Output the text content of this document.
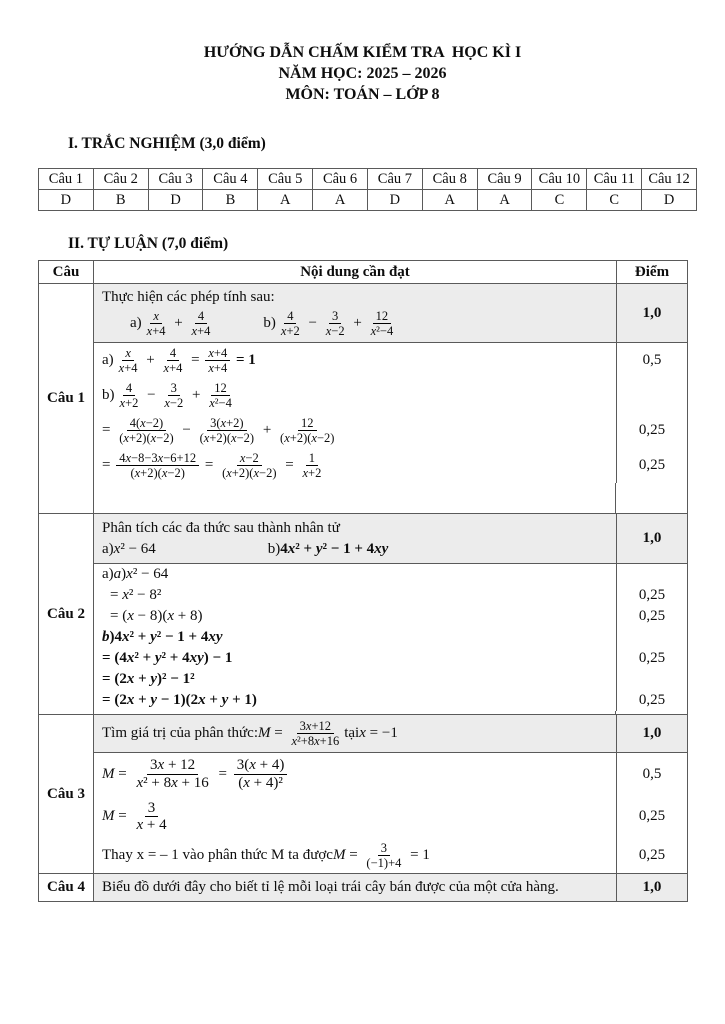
HƯỚNG DẪN CHẤM KIỂM TRA  HỌC KÌ I
NĂM HỌC: 2025 – 2026
MÔN: TOÁN – LỚP 8
I. TRẮC NGHIỆM (3,0 điểm)
Câu 1	Câu 2	Câu 3	Câu 4	Câu 5	Câu 6	Câu 7	Câu 8	Câu 9	Câu 10 Câu 11 Câu 12
D	B	D	B	A	A	D	A	A	C	C	D
II. TỰ LUẬN (7,0 điểm)
Câu	Nội dung cần đạt	Điểm
Câu 1
Thực hiện các phép tính sau:
$a) \frac{x}{x+4} + \frac{4}{x+4}$	$b) \frac{4}{x+2} - \frac{3}{x-2} + \frac{12}{\text{x²−4}}$	1,0
$a) \frac{x}{x+4} + \frac{4}{x+4} = \frac{x+4}{x+4} = 1$	0,5
$b) \frac{4}{x+2} - \frac{3}{x-2} + \frac{12}{\text{x²−4}}$
= $\frac{4(x-2)}{(x+2)(x-2)} - \frac{3(x+2)}{(x+2)(x-2)} + \frac{12}{(x+2)(x-2)}$	0,25
= $\frac{4x-8-3x-6+12}{(x+2)(x-2)} = \frac{x-2}{(x+2)(x-2)} = \frac{1}{x+2}$	0,25
Câu 2
Phân tích các đa thức sau thành nhân tử
a) x² − 64	b) 4x² + y² − 1 + 4xy
1,0
a) a)x² − 64
= x² − 8²	0,25
= (x − 8)(x + 8)	0,25
b)4x² + y² − 1 + 4xy
= (4x² + y² + 4xy) − 1	0,25
= (2x + y)² − 1²
= (2x + y − 1)(2x + y + 1)	0,25
Câu 3
Tìm giá trị của phân thức: $M = \frac{3x+12}{\text{x²+8x+16}}$ tại x = −1	1,0
$M = \frac{3x + 12}{\text{x² + 8x + 16}} = \frac{3(x + 4)}{\text{(x + 4)²}}$	0,5
$M = \frac{3}{x + 4}$	0,25
Thay x = – 1 vào phân thức M ta được $M = \frac{3}{(-1)+4} = 1$	0,25
Câu 4	Biểu đồ dưới đây cho biết tỉ lệ mỗi loại trái cây bán được của một cửa hàng.	1,0
